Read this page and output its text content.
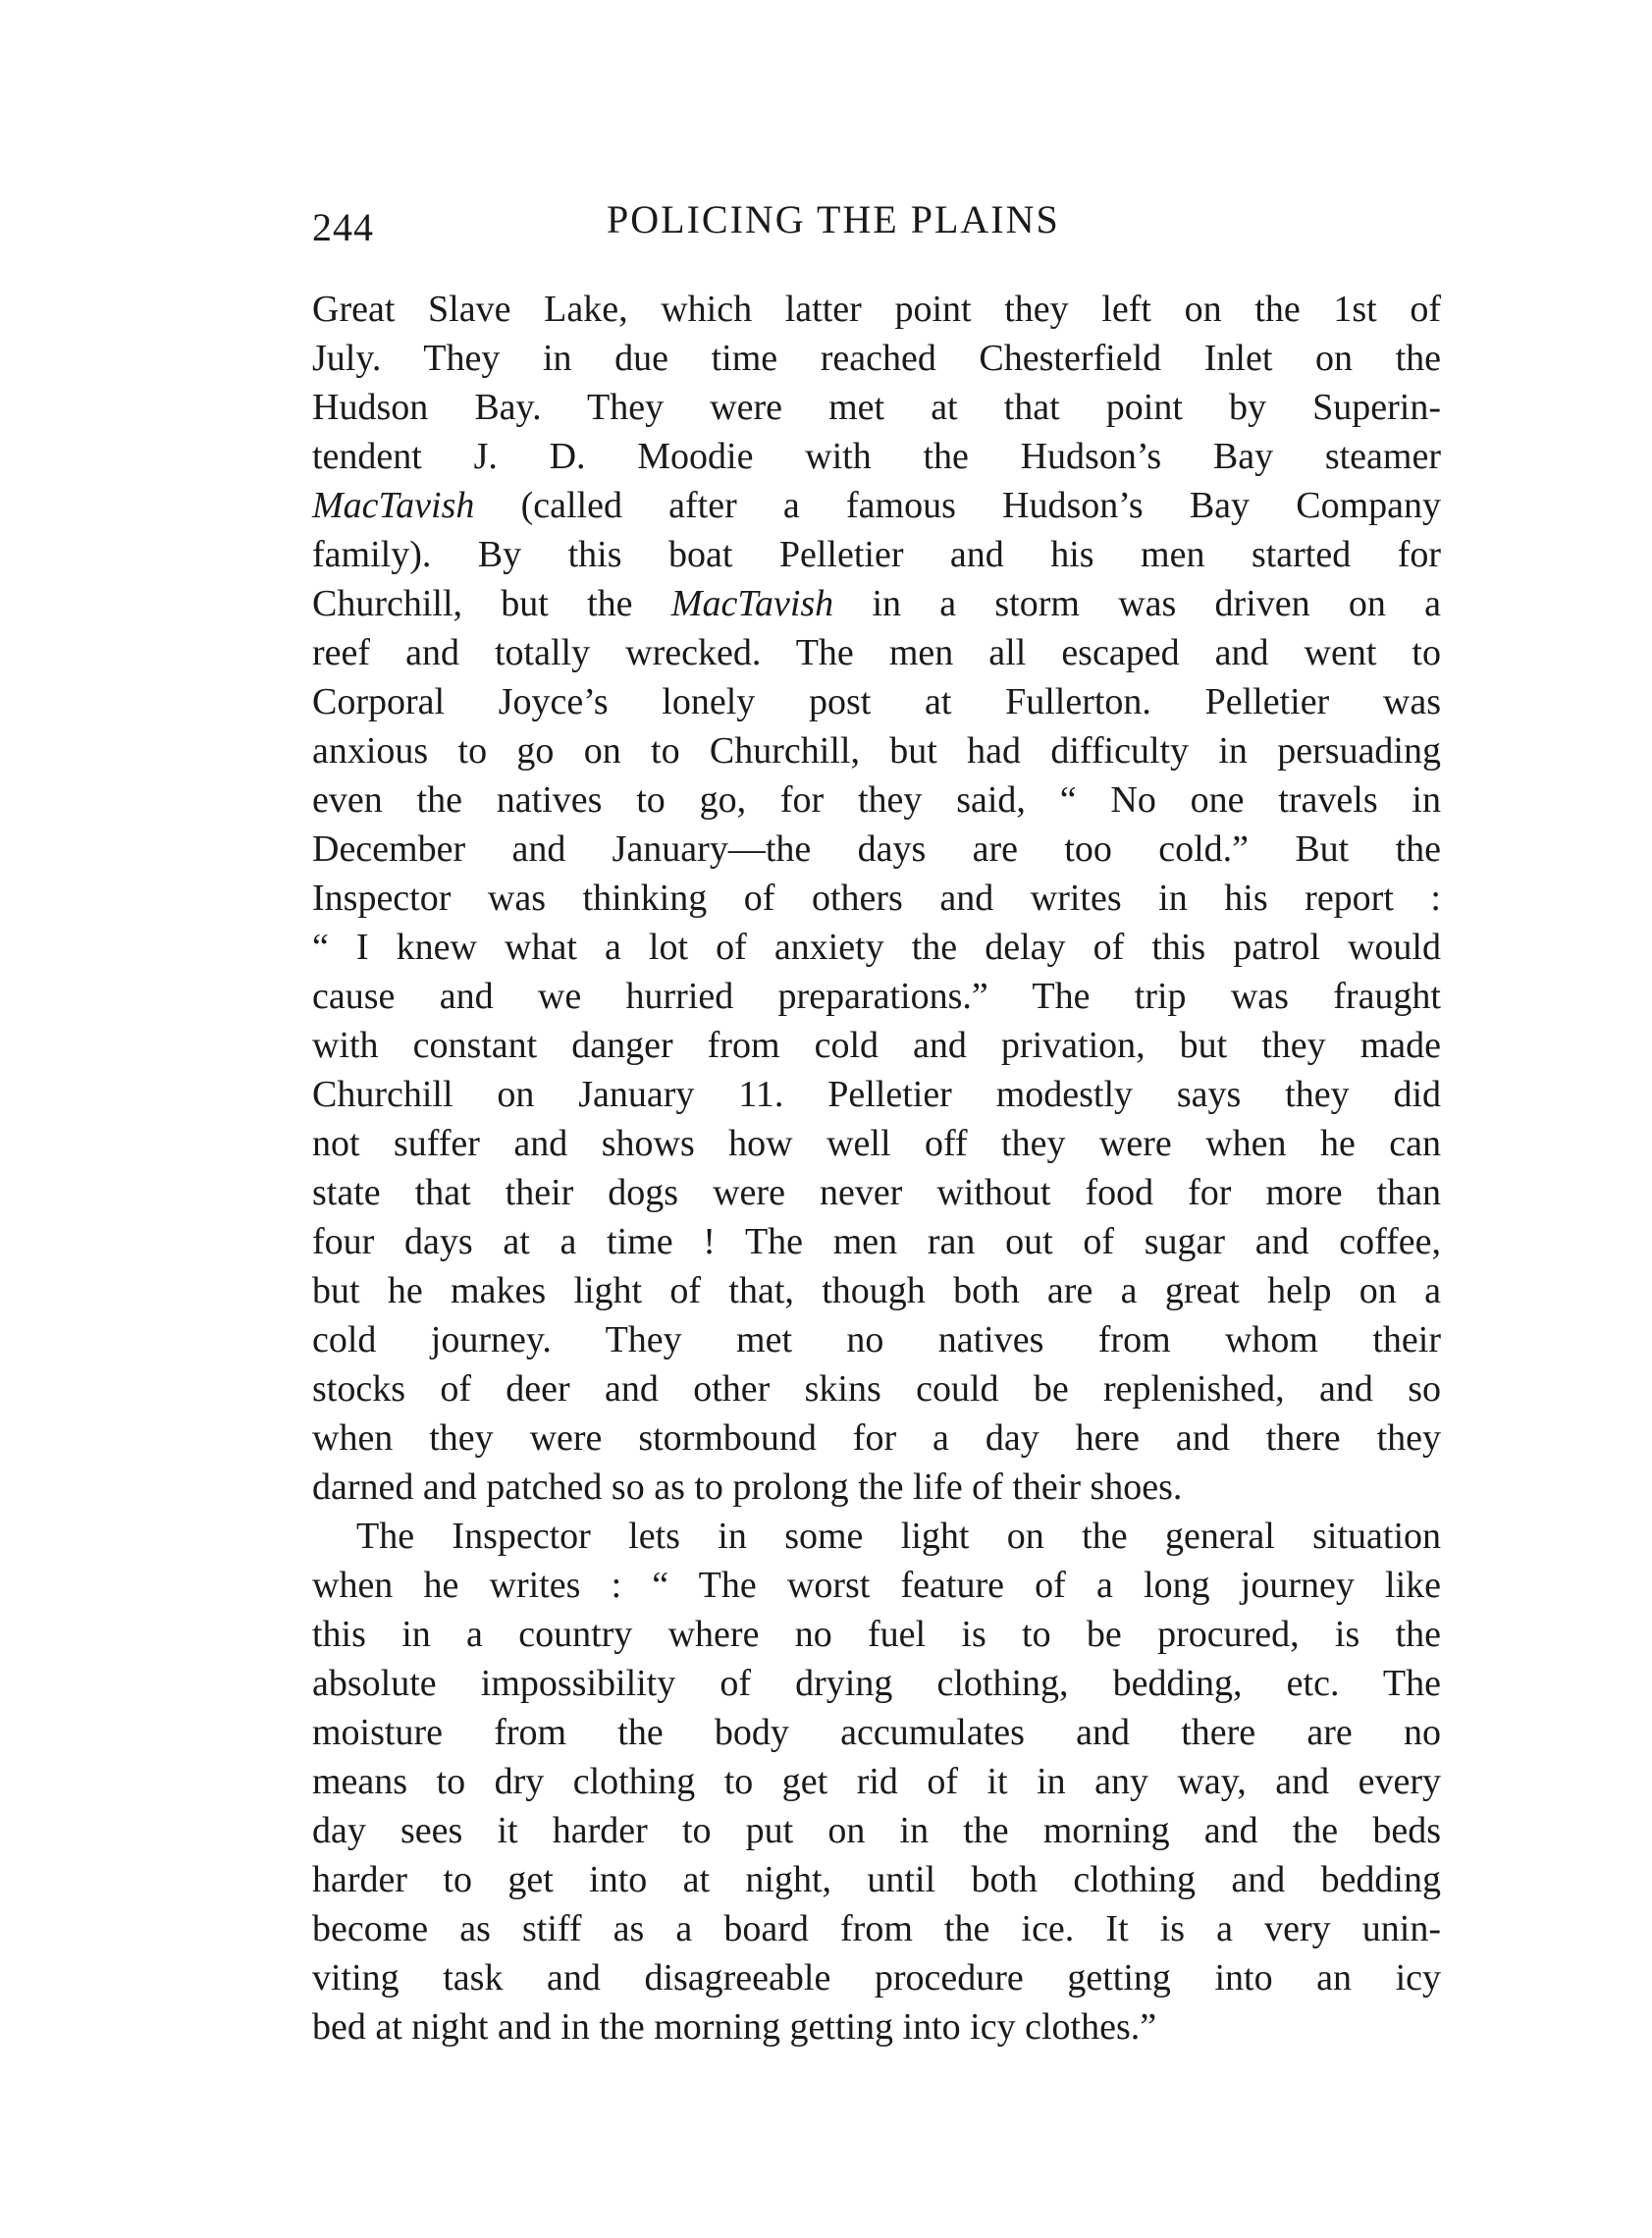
244	POLICING THE PLAINS
Great Slave Lake, which latter point they left on the 1st of
July. They in due time reached Chesterfield Inlet on the
Hudson Bay. They were met at that point by Superin-
tendent J. D. Moodie with the Hudson’s Bay steamer
MacTavish (called after a famous Hudson’s Bay Company
family). By this boat Pelletier and his men started for
Churchill, but the MacTavish in a storm was driven on a
reef and totally wrecked. The men all escaped and went to
Corporal Joyce’s lonely post at Fullerton. Pelletier was
anxious to go on to Churchill, but had difficulty in persuading
even the natives to go, for they said, “ No one travels in
December and January—the days are too cold.” But the
Inspector was thinking of others and writes in his report :
“ I knew what a lot of anxiety the delay of this patrol would
cause and we hurried preparations.” The trip was fraught
with constant danger from cold and privation, but they made
Churchill on January 11. Pelletier modestly says they did
not suffer and shows how well off they were when he can
state that their dogs were never without food for more than
four days at a time ! The men ran out of sugar and coffee,
but he makes light of that, though both are a great help on a
cold journey. They met no natives from whom their
stocks of deer and other skins could be replenished, and so
when they were stormbound for a day here and there they
darned and patched so as to prolong the life of their shoes.
The Inspector lets in some light on the general situation
when he writes : “ The worst feature of a long journey like
this in a country where no fuel is to be procured, is the
absolute impossibility of drying clothing, bedding, etc. The
moisture from the body accumulates and there are no
means to dry clothing to get rid of it in any way, and every
day sees it harder to put on in the morning and the beds
harder to get into at night, until both clothing and bedding
become as stiff as a board from the ice. It is a very unin-
viting task and disagreeable procedure getting into an icy
bed at night and in the morning getting into icy clothes.”
